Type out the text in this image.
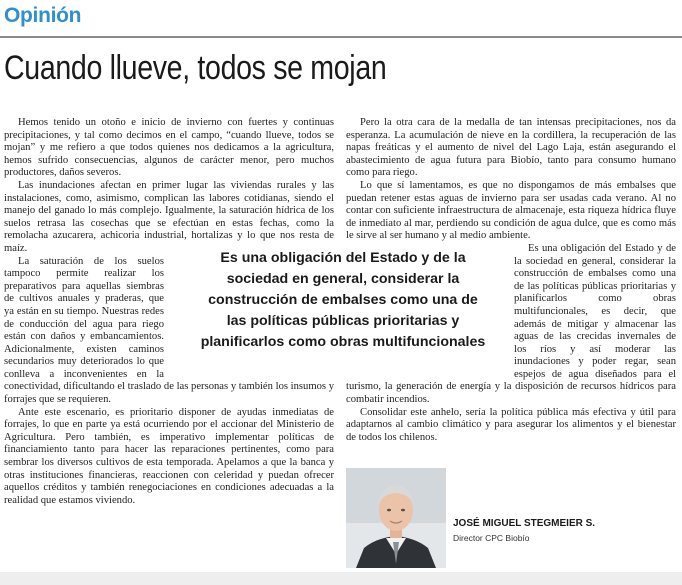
Opinión
Cuando llueve, todos se mojan

Hemos tenido un otoño e inicio de invierno con fuertes y continuas precipitaciones, y tal como decimos en el campo, “cuando llueve, todos se mojan” y me refiero a que todos quienes nos dedicamos a la agricultura, hemos sufrido consecuencias, algunos de carácter menor, pero muchos productores, daños severos.

Las inundaciones afectan en primer lugar las viviendas rurales y las instalaciones, como, asimismo, complican las labores cotidianas, siendo el manejo del ganado lo más complejo. Igualmente, la saturación hídrica de los suelos retrasa las cosechas que se efectúan en estas fechas, como la remolacha azucarera, achicoria industrial, hortalizas y lo que nos resta de maíz.

La saturación de los suelos tampoco permite realizar los preparativos para aquellas siembras de cultivos anuales y praderas, que ya están en su tiempo. Nuestras redes de conducción del agua para riego están con daños y embancamientos. Adicionalmente, existen caminos secundarios muy deteriorados lo que conlleva a inconvenientes en la conectividad, dificultando el traslado de las personas y también los insumos y forrajes que se requieren.

Ante este escenario, es prioritario disponer de ayudas inmediatas de forrajes, lo que en parte ya está ocurriendo por el accionar del Ministerio de Agricultura. Pero también, es imperativo implementar políticas de financiamiento tanto para hacer las reparaciones pertinentes, como para sembrar los diversos cultivos de esta temporada. Apelamos a que la banca y otras instituciones financieras, reaccionen con celeridad y puedan ofrecer aquellos créditos y también renegociaciones en condiciones adecuadas a la realidad que estamos viviendo.

Pero la otra cara de la medalla de tan intensas precipitaciones, nos da esperanza. La acumulación de nieve en la cordillera, la recuperación de las napas freáticas y el aumento de nivel del Lago Laja, están asegurando el abastecimiento de agua futura para Biobío, tanto para consumo humano como para riego.

Lo que sí lamentamos, es que no dispongamos de más embalses que puedan retener estas aguas de invierno para ser usadas cada verano. Al no contar con suficiente infraestructura de almacenaje, esta riqueza hídrica fluye de inmediato al mar, perdiendo su condición de agua dulce, que es como más le sirve al ser humano y al medio ambiente.

Es una obligación del Estado y de la sociedad en general, considerar la construcción de embalses como una de las políticas públicas prioritarias y planificarlos como obras multifuncionales, es decir, que además de mitigar y almacenar las aguas de las crecidas invernales de los ríos y así moderar las inundaciones y poder regar, sean espejos de agua diseñados para el turismo, la generación de energía y la disposición de recursos hídricos para combatir incendios.

Consolidar este anhelo, sería la política pública más efectiva y útil para adaptarnos al cambio climático y para asegurar los alimentos y el bienestar de todos los chilenos.

Es una obligación del Estado y de la sociedad en general, considerar la construcción de embalses como una de las políticas públicas prioritarias y planificarlos como obras multifuncionales
JOSÉ MIGUEL STEGMEIER S.
Director CPC Biobío
